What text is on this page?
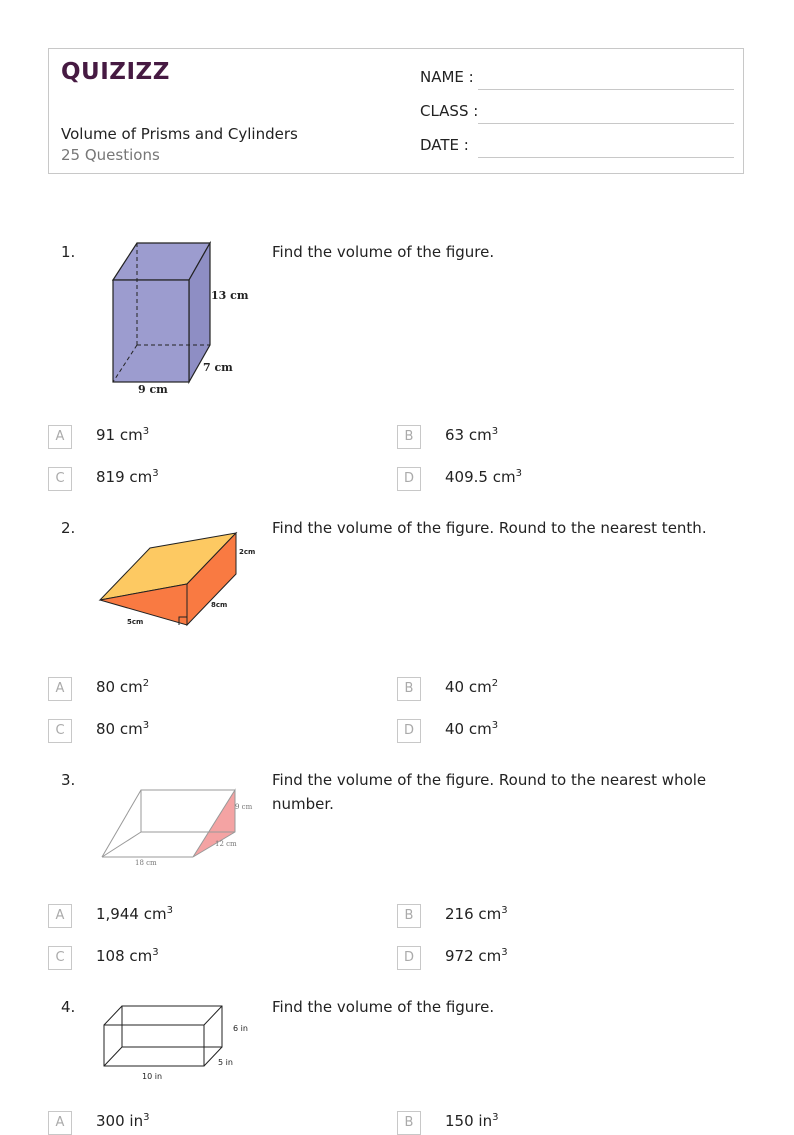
QUIZIZZ
Volume of Prisms and Cylinders
25 Questions
NAME :
CLASS :
DATE :
1.	Find the volume of the figure.
13 cm
7 cm
9 cm
A	91 $cm^3$	B	63 $cm^3$
C	819 $cm^3$	D	409.5 $cm^3$
2.	Find the volume of the figure. Round to the nearest tenth.
2cm
8cm
5cm
A	80 $cm^2$	B	40 $cm^2$
C	80 $cm^3$	D	40 $cm^3$
3.	Find the volume of the figure. Round to the nearest whole number.
9 cm
12 cm
18 cm
A	1,944 $cm^3$	B	216 $cm^3$
C	108 $cm^3$	D	972 $cm^3$
4.	Find the volume of the figure.
6 in
5 in
10 in
A	300 $in^3$	B	150 $in^3$
